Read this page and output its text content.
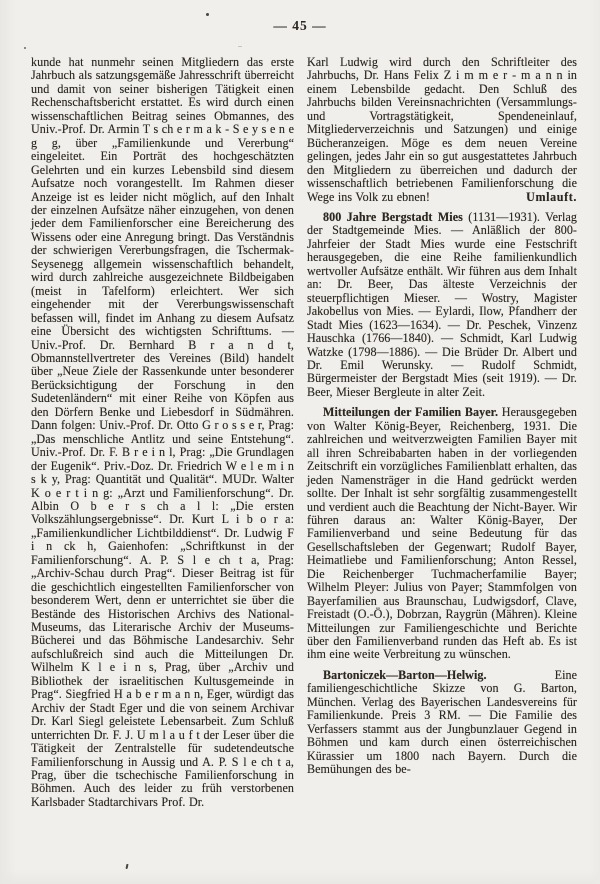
— 45 —

kunde hat nunmehr seinen Mitgliedern das erste Jahrbuch als satzungsgemäße Jahresschrift überreicht und damit von seiner bisherigen Tätigkeit einen Rechenschaftsbericht erstattet. Es wird durch einen wissenschaftlichen Beitrag seines Obmannes, des Univ.-Prof. Dr. Armin T s ch e r m a k - S e y s e n e g g, über „Familienkunde und Vererbung“ eingeleitet. Ein Porträt des hochgeschätzten Gelehrten und ein kurzes Lebensbild sind diesem Aufsatze noch vorangestellt. Im Rahmen dieser Anzeige ist es leider nicht möglich, auf den Inhalt der einzelnen Aufsätze näher einzugehen, von denen jeder dem Familienforscher eine Bereicherung des Wissens oder eine Anregung bringt. Das Verständnis der schwierigen Vererbungsfragen, die Tschermak-Seysenegg allgemein wissenschaftlich behandelt, wird durch zahlreiche ausgezeichnete Bildbeigaben (meist in Tafelform) erleichtert. Wer sich eingehender mit der Vererbungswissenschaft befassen will, findet im Anhang zu diesem Aufsatz eine Übersicht des wichtigsten Schrifttums. — Univ.-Prof. Dr. Bernhard B r a n d t, Obmannstellvertreter des Vereines (Bild) handelt über „Neue Ziele der Rassenkunde unter besonderer Berücksichtigung der Forschung in den Sudetenländern“ mit einer Reihe von Köpfen aus den Dörfern Benke und Liebesdorf in Südmähren. Dann folgen: Univ.-Prof. Dr. Otto G r o s s e r, Prag: „Das menschliche Antlitz und seine Entstehung“. Univ.-Prof. Dr. F. B r e i n l, Prag: „Die Grundlagen der Eugenik“. Priv.-Doz. Dr. Friedrich W e l e m i n s k y, Prag: Quantität und Qualität“. MUDr. Walter K o e r t i n g: „Arzt und Familienforschung“. Dr. Albin O b e r s ch a l l: „Die ersten Volkszählungsergebnisse“. Dr. Kurt L i b o r a: „Familienkundlicher Lichtbilddienst“. Dr. Ludwig F i n ck h, Gaienhofen: „Schriftkunst in der Familienforschung“. A. P. S l e ch t a, Prag: „Archiv-Schau durch Prag“. Dieser Beitrag ist für die geschichtlich eingestellten Familienforscher von besonderem Wert, denn er unterrichtet sie über die Bestände des Historischen Archivs des National-Museums, das Literarische Archiv der Museums-Bücherei und das Böhmische Landesarchiv. Sehr aufschlußreich sind auch die Mitteilungen Dr. Wilhelm K l e i n s, Prag, über „Archiv und Bibliothek der israelitischen Kultusgemeinde in Prag“. Siegfried H a b e r m a n n, Eger, würdigt das Archiv der Stadt Eger und die von seinem Archivar Dr. Karl Siegl geleistete Lebensarbeit. Zum Schluß unterrichten Dr. F. J. U m l a u f t der Leser über die Tätigkeit der Zentralstelle für sudetendeutsche Familienforschung in Aussig und A. P. S l e ch t a, Prag, über die tschechische Familienforschung in Böhmen. Auch des leider zu früh verstorbenen Karlsbader Stadtarchivars Prof. Dr.

Karl Ludwig wird durch den Schriftleiter des Jahrbuchs, Dr. Hans Felix Z i m m e r - m a n n in einem Lebensbilde gedacht. Den Schluß des Jahrbuchs bilden Vereinsnachrichten (Versammlungs- und Vortragstätigkeit, Spendeneinlauf, Mitgliederverzeichnis und Satzungen) und einige Bücheranzeigen. Möge es dem neuen Vereine gelingen, jedes Jahr ein so gut ausgestattetes Jahrbuch den Mitgliedern zu überreichen und dadurch der wissenschaftlich betriebenen Familienforschung die Wege ins Volk zu ebnen!	Umlauft.

800 Jahre Bergstadt Mies (1131—1931). Verlag der Stadtgemeinde Mies. — Anläßlich der 800-Jahrfeier der Stadt Mies wurde eine Festschrift herausgegeben, die eine Reihe familienkundlich wertvoller Aufsätze enthält. Wir führen aus dem Inhalt an: Dr. Beer, Das älteste Verzeichnis der steuerpflichtigen Mieser. — Wostry, Magister Jakobellus von Mies. — Eylardi, Ilow, Pfandherr der Stadt Mies (1623—1634). — Dr. Peschek, Vinzenz Hauschka (1766—1840). — Schmidt, Karl Ludwig Watzke (1798—1886). — Die Brüder Dr. Albert und Dr. Emil Werunsky. — Rudolf Schmidt, Bürgermeister der Bergstadt Mies (seit 1919). — Dr. Beer, Mieser Bergleute in alter Zeit.

Mitteilungen der Familien Bayer. Herausgegeben von Walter König-Beyer, Reichenberg, 1931. Die zahlreichen und weitverzweigten Familien Bayer mit all ihren Schreibabarten haben in der vorliegenden Zeitschrift ein vorzügliches Familienblatt erhalten, das jeden Namensträger in die Hand gedrückt werden sollte. Der Inhalt ist sehr sorgfältig zusammengestellt und verdient auch die Beachtung der Nicht-Bayer. Wir führen daraus an: Walter König-Bayer, Der Familienverband und seine Bedeutung für das Gesellschaftsleben der Gegenwart; Rudolf Bayer, Heimatliebe und Familienforschung; Anton Ressel, Die Reichenberger Tuchmacherfamilie Bayer; Wilhelm Pleyer: Julius von Payer; Stammfolgen von Bayerfamilien aus Braunschau, Ludwigsdorf, Clave, Freistadt (O.-Ö.), Dobrzan, Raygrün (Mähren). Kleine Mitteilungen zur Familiengeschichte und Berichte über den Familienverband runden das Heft ab. Es ist ihm eine weite Verbreitung zu wünschen.

Bartoniczek—Barton—Helwig. Eine familiengeschichtliche Skizze von G. Barton, München. Verlag des Bayerischen Landesvereins für Familienkunde. Preis 3 RM. — Die Familie des Verfassers stammt aus der Jungbunzlauer Gegend in Böhmen und kam durch einen österreichischen Kürassier um 1800 nach Bayern. Durch die Bemühungen des be-
